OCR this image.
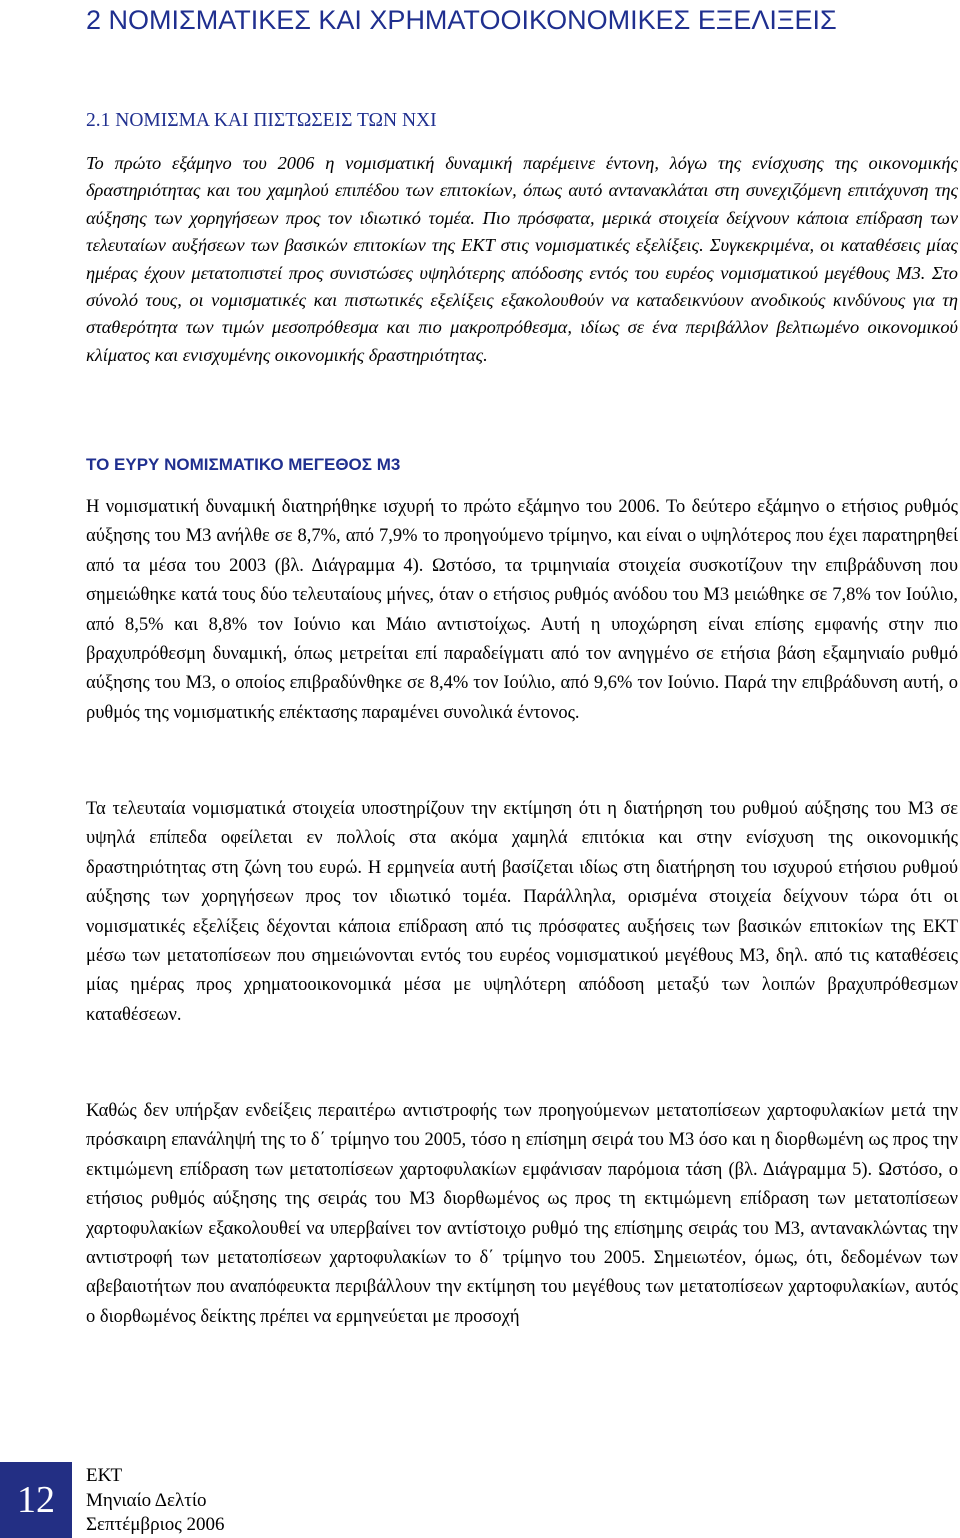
2 ΝΟΜΙΣΜΑΤΙΚΕΣ ΚΑΙ ΧΡΗΜΑΤΟΟΙΚΟΝΟΜΙΚΕΣ ΕΞΕΛΙΞΕΙΣ
2.1 ΝΟΜΙΣΜΑ ΚΑΙ ΠΙΣΤΩΣΕΙΣ ΤΩΝ ΝΧΙ

Το πρώτο εξάμηνο του 2006 η νομισματική δυναμική παρέμεινε έντονη, λόγω της ενίσχυσης της οικονομικής δραστηριότητας και του χαμηλού επιπέδου των επιτοκίων, όπως αυτό αντανακλάται στη συνεχιζόμενη επιτάχυνση της αύξησης των χορηγήσεων προς τον ιδιωτικό τομέα. Πιο πρόσφατα, μερικά στοιχεία δείχνουν κάποια επίδραση των τελευταίων αυξήσεων των βασικών επιτοκίων της ΕΚΤ στις νομισματικές εξελίξεις. Συγκεκριμένα, οι καταθέσεις μίας ημέρας έχουν μετατοπιστεί προς συνιστώσες υψηλότερης απόδοσης εντός του ευρέος νομισματικού μεγέθους Μ3. Στο σύνολό τους, οι νομισματικές και πιστωτικές εξελίξεις εξακολουθούν να καταδεικνύουν ανοδικούς κινδύνους για τη σταθερότητα των τιμών μεσοπρόθεσμα και πιο μακροπρόθεσμα, ιδίως σε ένα περιβάλλον βελτιωμένο οικονομικού κλίματος και ενισχυμένης οικονομικής δραστηριότητας.

ΤΟ ΕΥΡΥ ΝΟΜΙΣΜΑΤΙΚΟ ΜΕΓΕΘΟΣ Μ3

Η νομισματική δυναμική διατηρήθηκε ισχυρή το πρώτο εξάμηνο του 2006. Το δεύτερο εξάμηνο ο ετήσιος ρυθμός αύξησης του Μ3 ανήλθε σε 8,7%, από 7,9% το προηγούμενο τρίμηνο, και είναι ο υψηλότερος που έχει παρατηρηθεί από τα μέσα του 2003 (βλ. Διάγραμμα 4). Ωστόσο, τα τριμηνιαία στοιχεία συσκοτίζουν την επιβράδυνση που σημειώθηκε κατά τους δύο τελευταίους μήνες, όταν ο ετήσιος ρυθμός ανόδου του Μ3 μειώθηκε σε 7,8% τον Ιούλιο, από 8,5% και 8,8% τον Ιούνιο και Μάιο αντιστοίχως. Αυτή η υποχώρηση είναι επίσης εμφανής στην πιο βραχυπρόθεσμη δυναμική, όπως μετρείται επί παραδείγματι από τον ανηγμένο σε ετήσια βάση εξαμηνιαίο ρυθμό αύξησης του Μ3, ο οποίος επιβραδύνθηκε σε 8,4% τον Ιούλιο, από 9,6% τον Ιούνιο. Παρά την επιβράδυνση αυτή, ο ρυθμός της νομισματικής επέκτασης παραμένει συνολικά έντονος.

Τα τελευταία νομισματικά στοιχεία υποστηρίζουν την εκτίμηση ότι η διατήρηση του ρυθμού αύξησης του Μ3 σε υψηλά επίπεδα οφείλεται εν πολλοίς στα ακόμα χαμηλά επιτόκια και στην ενίσχυση της οικονομικής δραστηριότητας στη ζώνη του ευρώ. Η ερμηνεία αυτή βασίζεται ιδίως στη διατήρηση του ισχυρού ετήσιου ρυθμού αύξησης των χορηγήσεων προς τον ιδιωτικό τομέα. Παράλληλα, ορισμένα στοιχεία δείχνουν τώρα ότι οι νομισματικές εξελίξεις δέχονται κάποια επίδραση από τις πρόσφατες αυξήσεις των βασικών επιτοκίων της ΕΚΤ μέσω των μετατοπίσεων που σημειώνονται εντός του ευρέος νομισματικού μεγέθους Μ3, δηλ. από τις καταθέσεις μίας ημέρας προς χρηματοοικονομικά μέσα με υψηλότερη απόδοση μεταξύ των λοιπών βραχυπρόθεσμων καταθέσεων.

Καθώς δεν υπήρξαν ενδείξεις περαιτέρω αντιστροφής των προηγούμενων μετατοπίσεων χαρτοφυλακίων μετά την πρόσκαιρη επανάληψή της το δ΄ τρίμηνο του 2005, τόσο η επίσημη σειρά του Μ3 όσο και η διορθωμένη ως προς την εκτιμώμενη επίδραση των μετατοπίσεων χαρτοφυλακίων εμφάνισαν παρόμοια τάση (βλ. Διάγραμμα 5). Ωστόσο, ο ετήσιος ρυθμός αύξησης της σειράς του Μ3 διορθωμένος ως προς τη εκτιμώμενη επίδραση των μετατοπίσεων χαρτοφυλακίων εξακολουθεί να υπερβαίνει τον αντίστοιχο ρυθμό της επίσημης σειράς του Μ3, αντανακλώντας την αντιστροφή των μετατοπίσεων χαρτοφυλακίων το δ΄ τρίμηνο του 2005. Σημειωτέον, όμως, ότι, δεδομένων των αβεβαιοτήτων που αναπόφευκτα περιβάλλουν την εκτίμηση του μεγέθους των μετατοπίσεων χαρτοφυλακίων, αυτός ο διορθωμένος δείκτης πρέπει να ερμηνεύεται με προσοχή

12
ΕΚΤ
Μηνιαίο Δελτίο
Σεπτέμβριος 2006
